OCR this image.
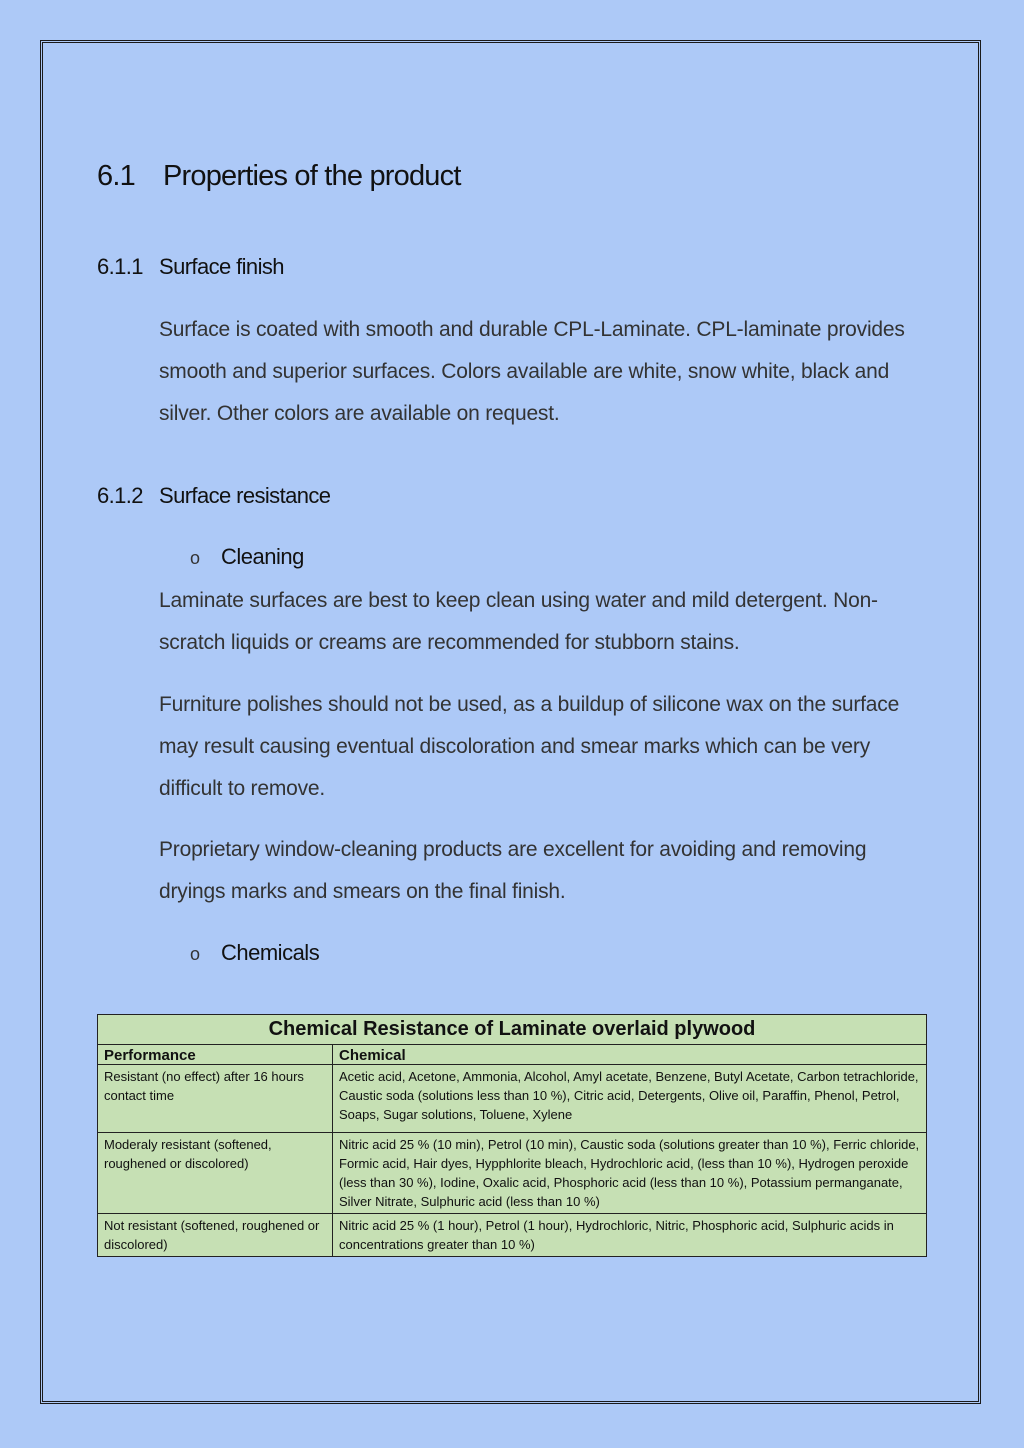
6.1 Properties of the product
6.1.1 Surface finish

Surface is coated with smooth and durable CPL-Laminate. CPL-laminate provides smooth and superior surfaces. Colors available are white, snow white, black and silver. Other colors are available on request.

6.1.2 Surface resistance

o Cleaning

Laminate surfaces are best to keep clean using water and mild detergent. Non-scratch liquids or creams are recommended for stubborn stains.

Furniture polishes should not be used, as a buildup of silicone wax on the surface may result causing eventual discoloration and smear marks which can be very difficult to remove.

Proprietary window-cleaning products are excellent for avoiding and removing dryings marks and smears on the final finish.

o Chemicals

Chemical Resistance of Laminate overlaid plywood	
Performance	Chemical
Resistant (no effect) after 16 hours contact time	Acetic acid, Acetone, Ammonia, Alcohol, Amyl acetate, Benzene, Butyl Acetate, Carbon tetrachloride, Caustic soda (solutions less than 10 %), Citric acid, Detergents, Olive oil, Paraffin, Phenol, Petrol, Soaps, Sugar solutions, Toluene, Xylene
Moderaly resistant (softened, roughened or discolored)	Nitric acid 25 % (10 min), Petrol (10 min), Caustic soda (solutions greater than 10 %), Ferric chloride, Formic acid, Hair dyes, Hypphlorite bleach, Hydrochloric acid, (less than 10 %), Hydrogen peroxide (less than 30 %), Iodine, Oxalic acid, Phosphoric acid (less than 10 %), Potassium permanganate, Silver Nitrate, Sulphuric acid (less than 10 %)
Not resistant (softened, roughened or discolored)	Nitric acid 25 % (1 hour), Petrol (1 hour), Hydrochloric, Nitric, Phosphoric acid, Sulphuric acids in concentrations greater than 10 %)
